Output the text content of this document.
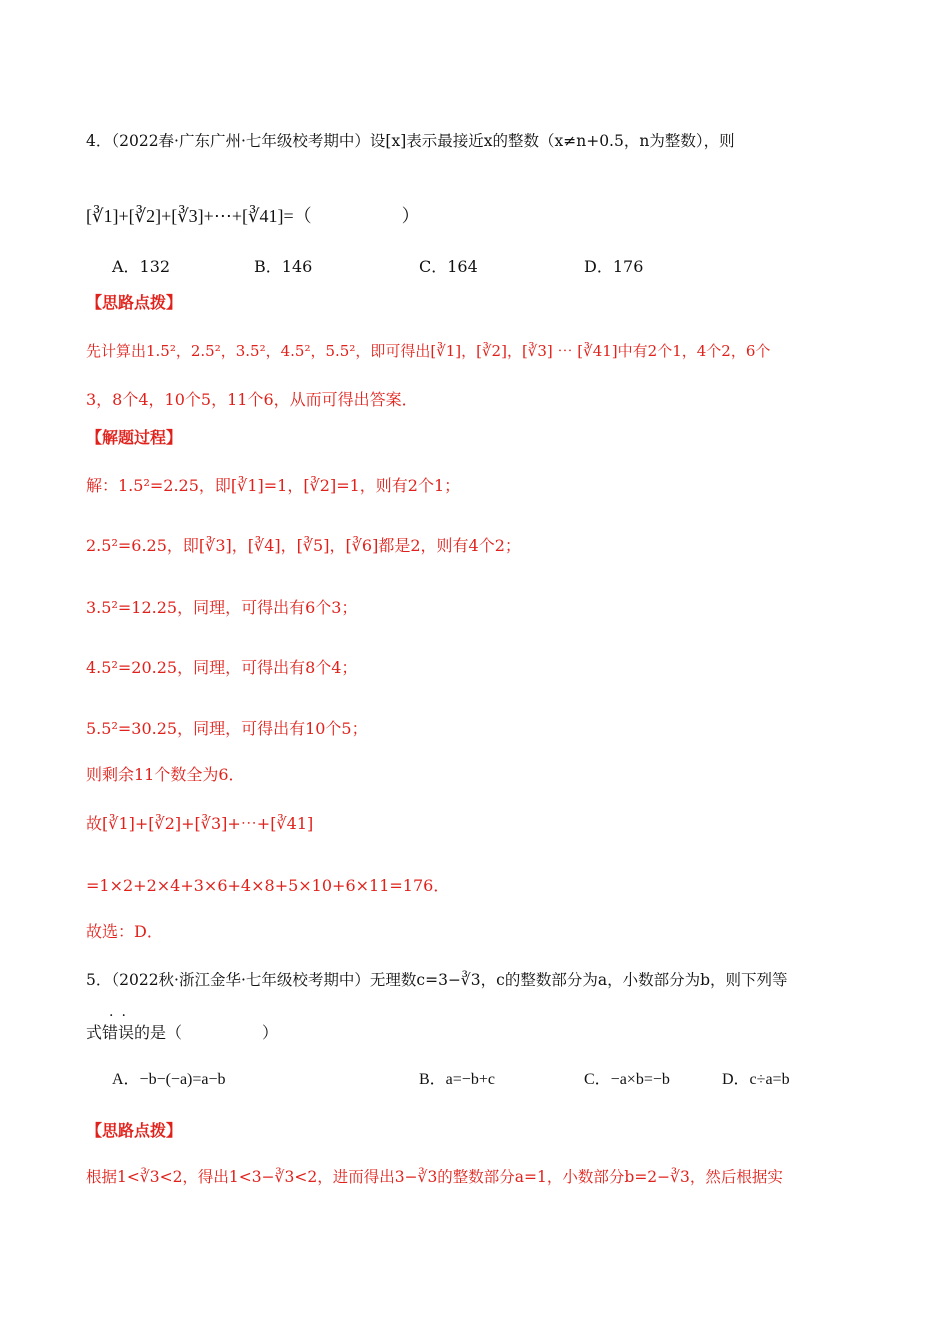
4．（2022春·广东广州·七年级校考期中）设[x]表示最接近x的整数（x≠n+0.5，n为整数），则
[∛1]+[∛2]+[∛3]+⋯+[∛41]=（　　　　　）
A．132	B．146	C．164	D．176
【思路点拨】
先计算出1.5²，2.5²，3.5²，4.5²，5.5²，即可得出[∛1]，[∛2]，[∛3] ⋯ [∛41]中有2个1，4个2，6个
3，8个4，10个5，11个6，从而可得出答案．
【解题过程】
解：1.5²=2.25，即[∛1]=1，[∛2]=1，则有2个1；
2.5²=6.25，即[∛3]，[∛4]，[∛5]，[∛6]都是2，则有4个2；
3.5²=12.25，同理，可得出有6个3；
4.5²=20.25，同理，可得出有8个4；
5.5²=30.25，同理，可得出有10个5；
则剩余11个数全为6．
故[∛1]+[∛2]+[∛3]+⋯+[∛41]
=1×2+2×4+3×6+4×8+5×10+6×11=176．
故选：D．
5．（2022秋·浙江金华·七年级校考期中）无理数c=3−∛3，c的整数部分为a，小数部分为b，则下列等
..
式错误的是（　　　　　）
A．−b−(−a)=a−b	B．a=−b+c	C．−a×b=−b	D．c÷a=b
【思路点拨】
根据1<∛3<2，得出1<3−∛3<2，进而得出3−∛3的整数部分a=1，小数部分b=2−∛3，然后根据实
